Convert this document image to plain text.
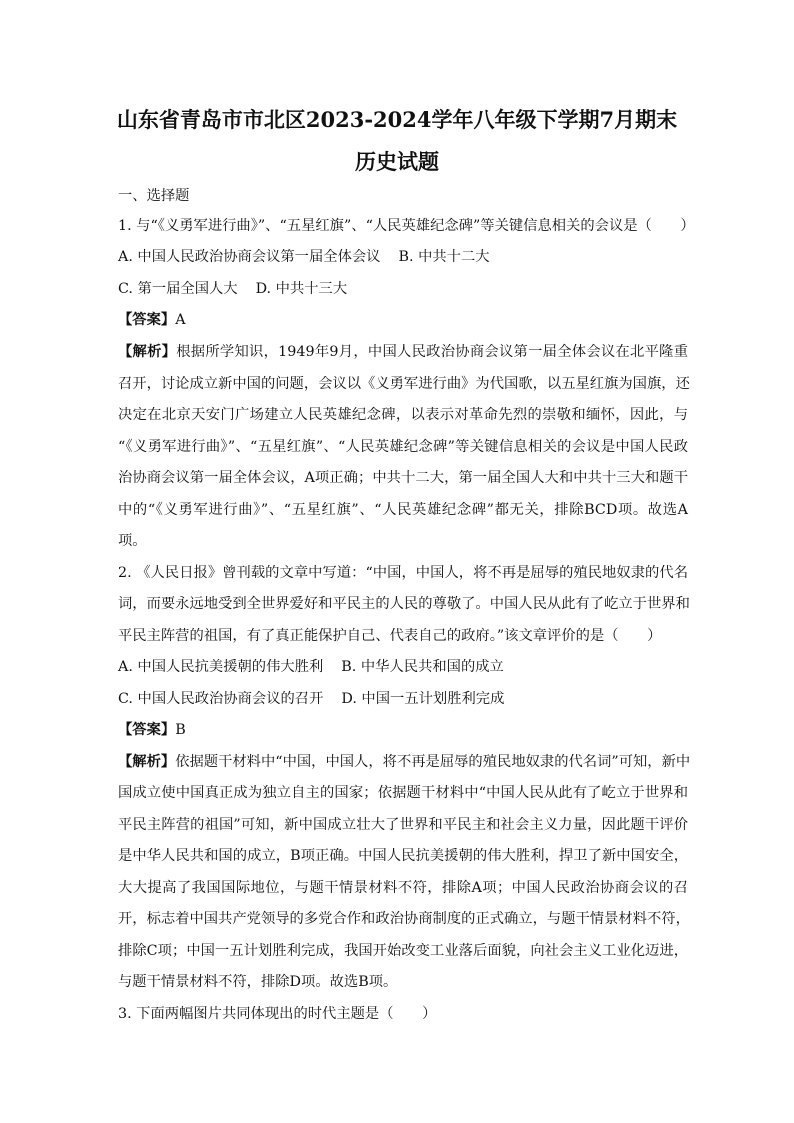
山东省青岛市市北区2023-2024学年八年级下学期7月期末
历史试题
一、选择题
1. 与“《义勇军进行曲》”、“五星红旗”、“人民英雄纪念碑”等关键信息相关的会议是（　　）
A. 中国人民政治协商会议第一届全体会议 B. 中共十二大
C. 第一届全国人大 D. 中共十三大
【答案】A
【解析】根据所学知识，1949年9月，中国人民政治协商会议第一届全体会议在北平隆重
召开，讨论成立新中国的问题，会议以《义勇军进行曲》为代国歌，以五星红旗为国旗，还
决定在北京天安门广场建立人民英雄纪念碑，以表示对革命先烈的崇敬和缅怀，因此，与
“《义勇军进行曲》”、“五星红旗”、“人民英雄纪念碑”等关键信息相关的会议是中国人民政
治协商会议第一届全体会议，A项正确；中共十二大，第一届全国人大和中共十三大和题干
中的“《义勇军进行曲》”、“五星红旗”、“人民英雄纪念碑”都无关，排除BCD项。故选A
项。
2. 《人民日报》曾刊载的文章中写道：“中国，中国人，将不再是屈辱的殖民地奴隶的代名
词，而要永远地受到全世界爱好和平民主的人民的尊敬了。中国人民从此有了屹立于世界和
平民主阵营的祖国，有了真正能保护自己、代表自己的政府。”该文章评价的是（　　）
A. 中国人民抗美援朝的伟大胜利 B. 中华人民共和国的成立
C. 中国人民政治协商会议的召开 D. 中国一五计划胜利完成
【答案】B
【解析】依据题干材料中“中国，中国人，将不再是屈辱的殖民地奴隶的代名词”可知，新中
国成立使中国真正成为独立自主的国家；依据题干材料中“中国人民从此有了屹立于世界和
平民主阵营的祖国”可知，新中国成立壮大了世界和平民主和社会主义力量，因此题干评价
是中华人民共和国的成立，B项正确。中国人民抗美援朝的伟大胜利，捍卫了新中国安全，
大大提高了我国国际地位，与题干情景材料不符，排除A项；中国人民政治协商会议的召
开，标志着中国共产党领导的多党合作和政治协商制度的正式确立，与题干情景材料不符，
排除C项；中国一五计划胜利完成，我国开始改变工业落后面貌，向社会主义工业化迈进，
与题干情景材料不符，排除D项。故选B项。
3. 下面两幅图片共同体现出的时代主题是（　　）
